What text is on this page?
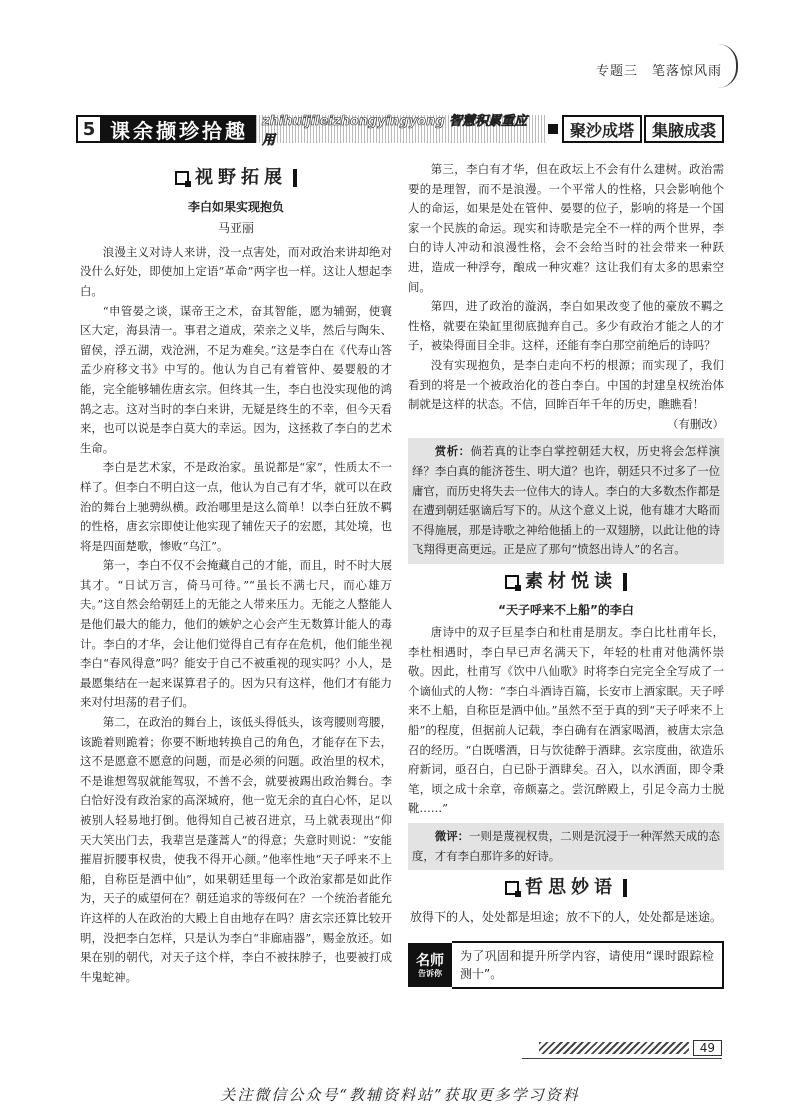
专题三　笔落惊风雨
5 课余撷珍拾趣	zhihuijileizhongyingyong 智慧积累重应用
聚沙成塔	集腋成裘
视野拓展
李白如果实现抱负
马亚丽

浪漫主义对诗人来讲，没一点害处，而对政治来讲却绝对没什么好处，即使加上定语“革命”两字也一样。这让人想起李白。

“申管晏之谈，谋帝王之术，奋其智能，愿为辅弼，使寰区大定，海县清一。事君之道成，荣亲之义毕，然后与陶朱、留侯，浮五湖，戏沧洲，不足为难矣。”这是李白在《代寿山答孟少府移文书》中写的。他认为自己有着管仲、晏婴般的才能，完全能够辅佐唐玄宗。但终其一生，李白也没实现他的鸿鹄之志。这对当时的李白来讲，无疑是终生的不幸，但今天看来，也可以说是李白莫大的幸运。因为，这拯救了李白的艺术生命。

李白是艺术家，不是政治家。虽说都是“家”，性质太不一样了。但李白不明白这一点，他认为自己有才华，就可以在政治的舞台上驰骋纵横。政治哪里是这么简单！以李白狂放不羁的性格，唐玄宗即使让他实现了辅佐天子的宏愿，其处境，也将是四面楚歌，惨败“乌江”。

第一，李白不仅不会掩藏自己的才能，而且，时不时大展其才。“日试万言，倚马可待。”“虽长不满七尺，而心雄万夫。”这自然会给朝廷上的无能之人带来压力。无能之人整能人是他们最大的能力，他们的嫉妒之心会产生无数算计能人的毒计。李白的才华，会让他们觉得自己有存在危机，他们能坐视李白“春风得意”吗？能安于自己不被重视的现实吗？小人，是最愿集结在一起来谋算君子的。因为只有这样，他们才有能力来对付坦荡的君子们。

第二，在政治的舞台上，该低头得低头，该弯腰则弯腰，该跪着则跪着；你要不断地转换自己的角色，才能存在下去，这不是愿意不愿意的问题，而是必须的问题。政治里的权术，不是谁想驾驭就能驾驭，不善不会，就要被踢出政治舞台。李白恰好没有政治家的高深城府，他一览无余的直白心怀，足以被别人轻易地打倒。他得知自己被召进京，马上就表现出“仰天大笑出门去，我辈岂是蓬蒿人”的得意；失意时则说：“安能摧眉折腰事权贵，使我不得开心颜。”他率性地“天子呼来不上船，自称臣是酒中仙”，如果朝廷里每一个政治家都是如此作为，天子的威望何在？朝廷追求的等级何在？一个统治者能允许这样的人在政治的大殿上自由地存在吗？唐玄宗还算比较开明，没把李白怎样，只是认为李白“非廊庙器”，赐金放还。如果在别的朝代，对天子这个样，李白不被抹脖子，也要被打成牛鬼蛇神。

第三，李白有才华，但在政坛上不会有什么建树。政治需要的是理智，而不是浪漫。一个平常人的性格，只会影响他个人的命运，如果是处在管仲、晏婴的位子，影响的将是一个国家一个民族的命运。现实和诗歌是完全不一样的两个世界，李白的诗人冲动和浪漫性格，会不会给当时的社会带来一种跃进，造成一种浮夸，酿成一种灾难？这让我们有太多的思索空间。

第四，进了政治的漩涡，李白如果改变了他的豪放不羁之性格，就要在染缸里彻底抛弃自己。多少有政治才能之人的才子，被染得面目全非。这样，还能有李白那空前绝后的诗吗？

没有实现抱负，是李白走向不朽的根源；而实现了，我们看到的将是一个被政治化的苍白李白。中国的封建皇权统治体制就是这样的状态。不信，回眸百年千年的历史，瞧瞧看！

（有删改）

赏析：倘若真的让李白掌控朝廷大权，历史将会怎样演绎？李白真的能济苍生、明大道？也许，朝廷只不过多了一位庸官，而历史将失去一位伟大的诗人。李白的大多数杰作都是在遭到朝廷驱谪后写下的。从这个意义上说，他有雄才大略而不得施展，那是诗歌之神给他插上的一双翅膀，以此让他的诗飞翔得更高更远。正是应了那句“愤怒出诗人”的名言。
素材悦读
“天子呼来不上船”的李白

唐诗中的双子巨星李白和杜甫是朋友。李白比杜甫年长，李杜相遇时，李白早已声名满天下，年轻的杜甫对他满怀崇敬。因此，杜甫写《饮中八仙歌》时将李白完完全全写成了一个谪仙式的人物：“李白斗酒诗百篇，长安市上酒家眠。天子呼来不上船，自称臣是酒中仙。”虽然不至于真的到“天子呼来不上船”的程度，但据前人记载，李白确有在酒家喝酒，被唐太宗急召的经历。“白既嗜酒，日与饮徒醉于酒肆。玄宗度曲，欲造乐府新词，亟召白，白已卧于酒肆矣。召入，以水洒面，即令秉笔，顷之成十余章，帝颇嘉之。尝沉醉殿上，引足令高力士脱靴……”

微评：一则是蔑视权贵，二则是沉浸于一种浑然天成的态度，才有李白那许多的好诗。
哲思妙语

放得下的人，处处都是坦途；放不下的人，处处都是迷途。

名师
告诉你
为了巩固和提升所学内容，请使用“课时跟踪检测十”。
49
关注微信公众号“教辅资料站”获取更多学习资料
